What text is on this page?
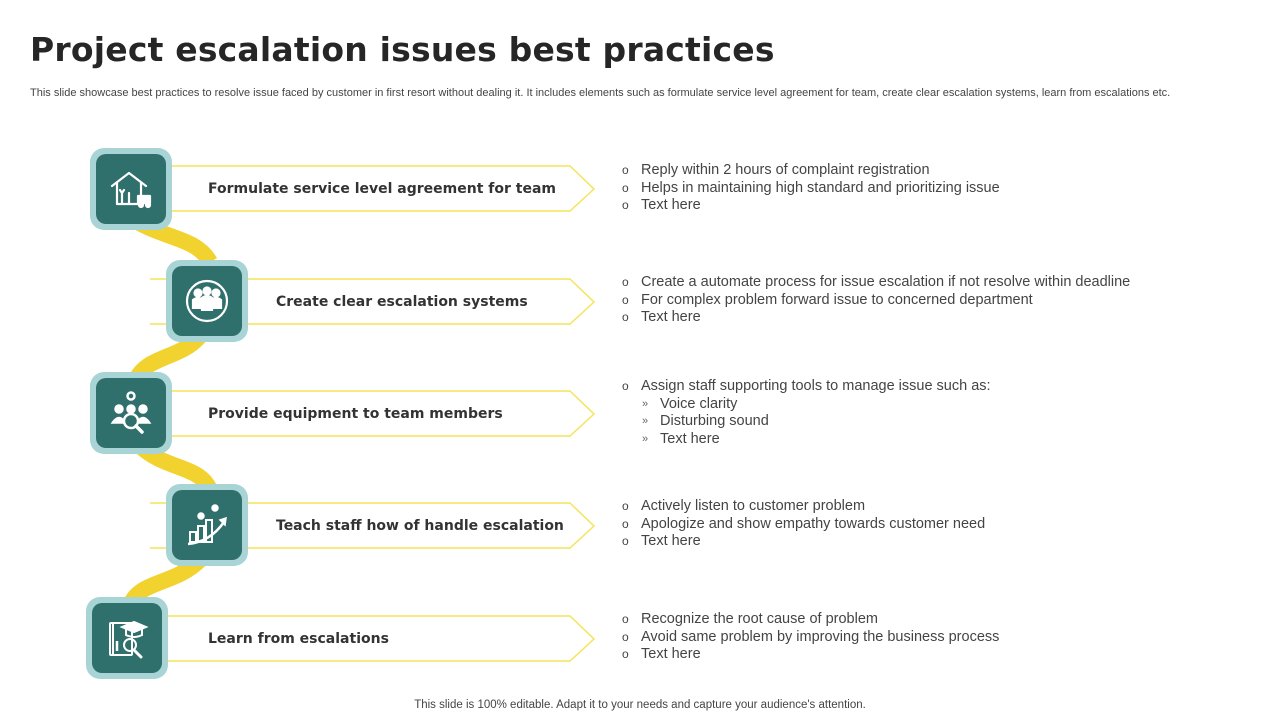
Project escalation issues best practices

This slide showcase best practices to resolve issue faced by customer in first resort without dealing it. It includes elements such as formulate service level agreement for team, create clear escalation systems, learn from escalations etc.

Formulate service level agreement for team
o Reply within 2 hours of complaint registration
o Helps in maintaining high standard and prioritizing issue
o Text here
Create clear escalation systems
o Create a automate process for issue escalation if not resolve within deadline
o For complex problem forward issue to concerned department
o Text here
Provide equipment to team members
o Assign staff supporting tools to manage issue such as:
» Voice clarity
» Disturbing sound
» Text here
Teach staff how of handle escalation
o Actively listen to customer problem
o Apologize and show empathy towards customer need
o Text here
Learn from escalations
o Recognize the root cause of problem
o Avoid same problem by improving the business process
o Text here
This slide is 100% editable. Adapt it to your needs and capture your audience's attention.
